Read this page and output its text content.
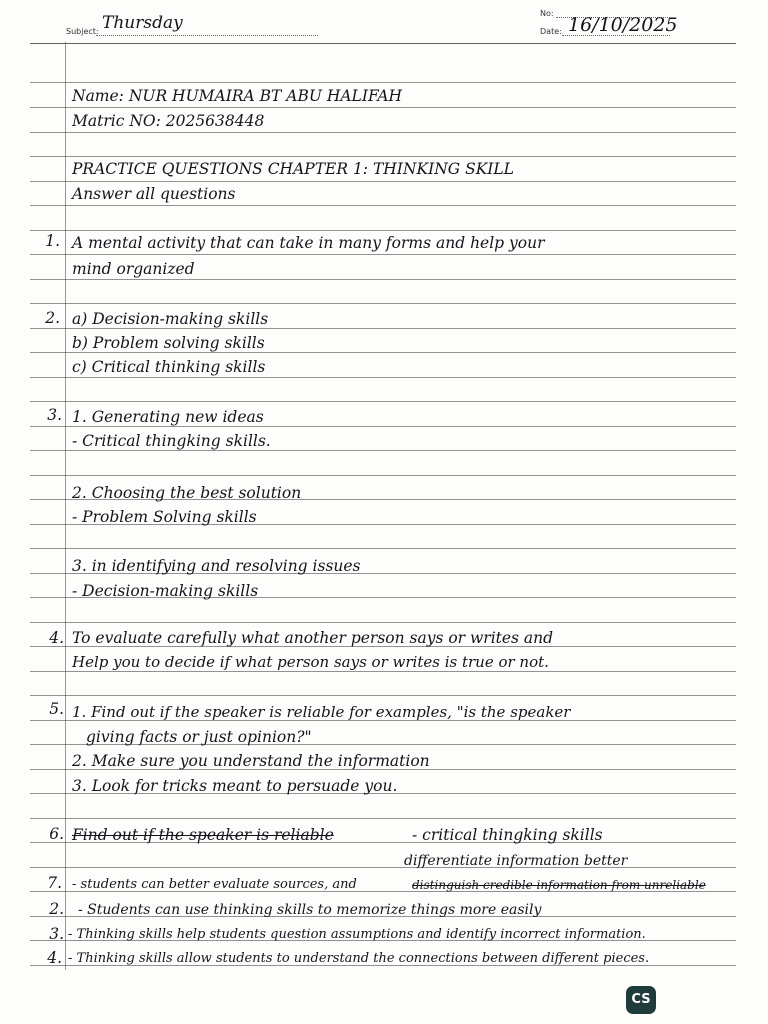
Subject: Thursday	No:
Date: 16/10/2025
1.
2.
3.
4.
5.
6.
7.
2.
3.
4.
Name: NUR HUMAIRA BT ABU HALIFAH
Matric NO: 2025638448
PRACTICE QUESTIONS CHAPTER 1: THINKING SKILL
Answer all questions
A mental activity that can take in many forms and help your
mind organized
a) Decision-making skills
b) Problem solving skills
c) Critical thinking skills
1. Generating new ideas
- Critical thingking skills.
2. Choosing the best solution
- Problem Solving skills
3. in identifying and resolving issues
- Decision-making skills
To evaluate carefully what another person says or writes and
Help you to decide if what person says or writes is true or not.
1. Find out if the speaker is reliable for examples, "is the speaker
giving facts or just opinion?"
2. Make sure you understand the information
3. Look for tricks meant to persuade you.
Find out if the speaker is reliable	- critical thingking skills
differentiate information better
- students can better evaluate sources, and	distinguish credible information from unreliable
- Students can use thinking skills to memorize things more easily
- Thinking skills help students question assumptions and identify incorrect information.
- Thinking skills allow students to understand the connections between different pieces.
CS
